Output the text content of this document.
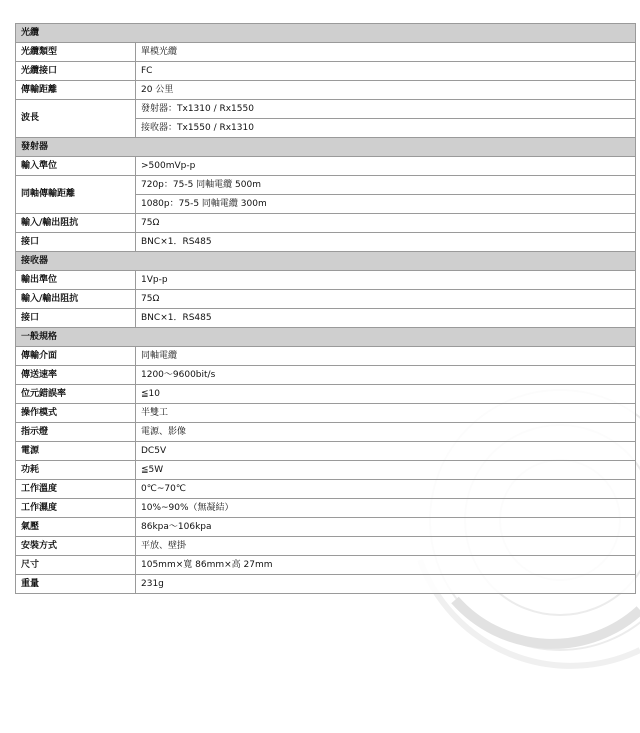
光纜	
光纜類型	單模光纜
光纜接口	FC
傳輸距離	20 公里
波長	發射器：Tx1310 / Rx1550
	接收器：Tx1550 / Rx1310
發射器	
輸入準位	>500mVp-p
同軸傳輸距離	720p：75-5 同軸電纜 500m
	1080p：75-5 同軸電纜 300m
輸入/輸出阻抗	75Ω
接口	BNC×1．RS485
接收器	
輸出準位	1Vp-p
輸入/輸出阻抗	75Ω
接口	BNC×1．RS485
一般規格	
傳輸介面	同軸電纜
傳送速率	1200～9600bit/s
位元錯誤率	≦10
操作模式	半雙工
指示燈	電源、影像
電源	DC5V
功耗	≦5W
工作溫度	0℃~70℃
工作濕度	10%~90%（無凝結）
氣壓	86kpa～106kpa
安裝方式	平放、壁掛
尺寸	105mm×寬 86mm×高 27mm
重量	231g
